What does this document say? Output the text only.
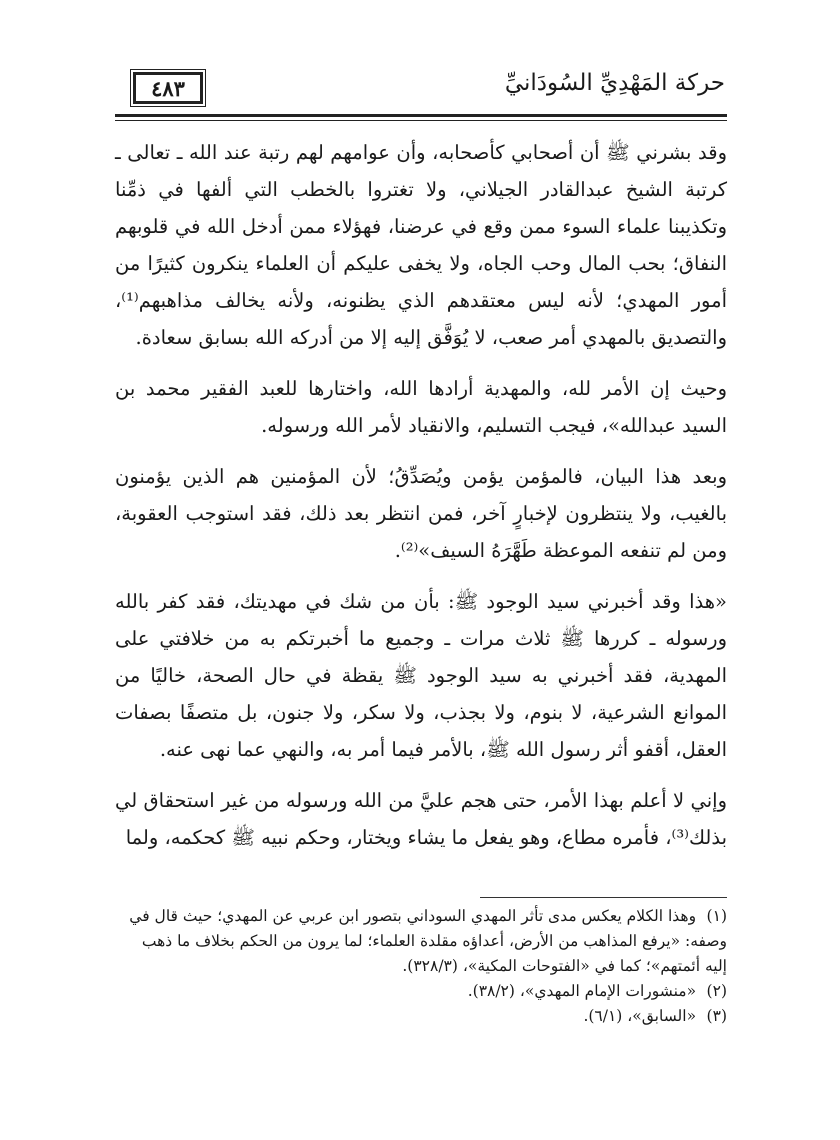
٤٨٣	حركة المَهْدِيِّ السُودَانيِّ

وقد بشرني ﷺ أن أصحابي كأصحابه، وأن عوامهم لهم رتبة عند الله ـ تعالى ـ كرتبة الشيخ عبدالقادر الجيلاني، ولا تغتروا بالخطب التي ألفها في ذمِّنا وتكذيبنا علماء السوء ممن وقع في عرضنا، فهؤلاء ممن أدخل الله في قلوبهم النفاق؛ بحب المال وحب الجاه، ولا يخفى عليكم أن العلماء ينكرون كثيرًا من أمور المهدي؛ لأنه ليس معتقدهم الذي يظنونه، ولأنه يخالف مذاهبهم⁽¹⁾، والتصديق بالمهدي أمر صعب، لا يُوَفَّق إليه إلا من أدركه الله بسابق سعادة.

وحيث إن الأمر لله، والمهدية أرادها الله، واختارها للعبد الفقير محمد بن السيد عبدالله»، فيجب التسليم، والانقياد لأمر الله ورسوله.

وبعد هذا البيان، فالمؤمن يؤمن ويُصَدِّقُ؛ لأن المؤمنين هم الذين يؤمنون بالغيب، ولا ينتظرون لإخبارٍ آخر، فمن انتظر بعد ذلك، فقد استوجب العقوبة، ومن لم تنفعه الموعظة طَهَّرَهُ السيف»⁽²⁾.

«هذا وقد أخبرني سيد الوجود ﷺ: بأن من شك في مهديتك، فقد كفر بالله ورسوله ـ كررها ﷺ ثلاث مرات ـ وجميع ما أخبرتكم به من خلافتي على المهدية، فقد أخبرني به سيد الوجود ﷺ يقظة في حال الصحة، خاليًا من الموانع الشرعية، لا بنوم، ولا بجذب، ولا سكر، ولا جنون، بل متصفًا بصفات العقل، أقفو أثر رسول الله ﷺ، بالأمر فيما أمر به، والنهي عما نهى عنه.

وإني لا أعلم بهذا الأمر، حتى هجم عليَّ من الله ورسوله من غير استحقاق لي بذلك⁽³⁾، فأمره مطاع، وهو يفعل ما يشاء ويختار، وحكم نبيه ﷺ كحكمه، ولما

(١) وهذا الكلام يعكس مدى تأثر المهدي السوداني بتصور ابن عربي عن المهدي؛ حيث قال في وصفه: «يرفع المذاهب من الأرض، أعداؤه مقلدة العلماء؛ لما يرون من الحكم بخلاف ما ذهب إليه أئمتهم»؛ كما في «الفتوحات المكية»، (٣٢٨/٣).

(٢) «منشورات الإمام المهدي»، (٣٨/٢).

(٣) «السابق»، (٦/١).
